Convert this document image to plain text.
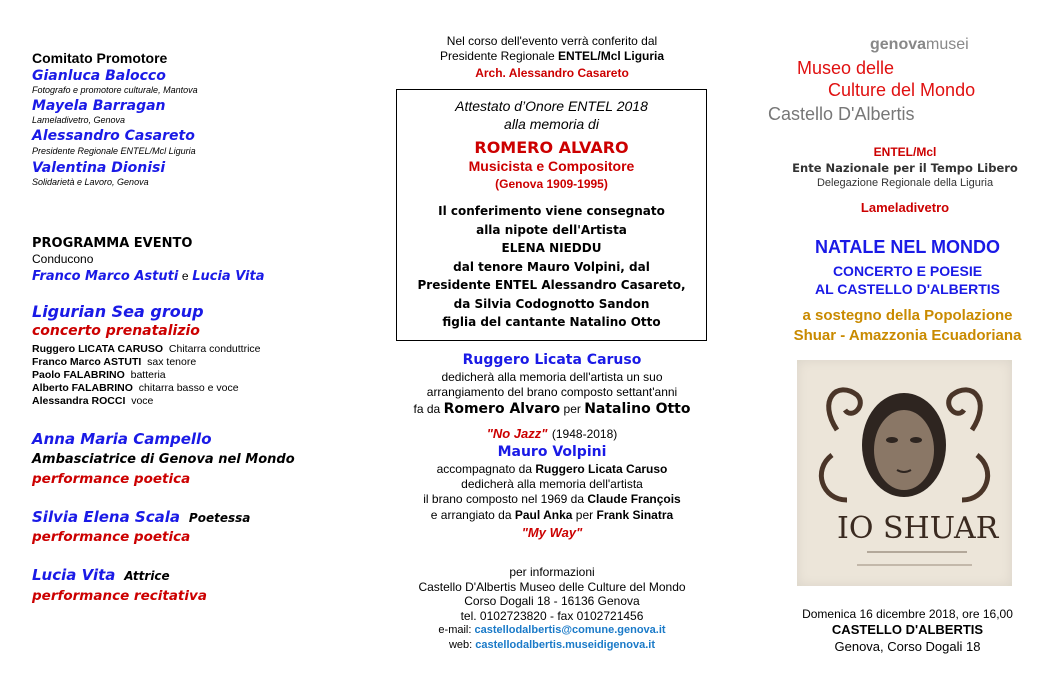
Comitato Promotore
Gianluca Balocco
Fotografo e promotore culturale, Mantova
Mayela Barragan
Lameladivetro, Genova
Alessandro Casareto
Presidente Regionale ENTEL/Mcl Liguria
Valentina Dionisi
Solidarietà e Lavoro, Genova
PROGRAMMA EVENTO
Conducono
Franco Marco Astuti e Lucia Vita
Ligurian Sea group
concerto prenatalizio
Ruggero LICATA CARUSO Chitarra conduttrice
Franco Marco ASTUTI sax tenore
Paolo FALABRINO batteria
Alberto FALABRINO chitarra basso e voce
Alessandra ROCCI voce
Anna Maria Campello
Ambasciatrice di Genova nel Mondo
performance poetica
Silvia Elena Scala Poetessa
performance poetica
Lucia Vita Attrice
performance recitativa
Nel corso dell'evento verrà conferito dal
Presidente Regionale ENTEL/Mcl Liguria
Arch. Alessandro Casareto
Attestato d’Onore ENTEL 2018
alla memoria di
ROMERO ALVARO
Musicista e Compositore
(Genova 1909-1995)
Il conferimento viene consegnato
alla nipote dell'Artista
ELENA NIEDDU
dal tenore Mauro Volpini, dal
Presidente ENTEL Alessandro Casareto,
da Silvia Codognotto Sandon
figlia del cantante Natalino Otto
Ruggero Licata Caruso
dedicherà alla memoria dell'artista un suo
arrangiamento del brano composto settant'anni
fa da Romero Alvaro per Natalino Otto
"No Jazz" (1948-2018)
Mauro Volpini
accompagnato da Ruggero Licata Caruso
dedicherà alla memoria dell'artista
il brano composto nel 1969 da Claude François
e arrangiato da Paul Anka per Frank Sinatra
"My Way"
per informazioni
Castello D'Albertis Museo delle Culture del Mondo
Corso Dogali 18 - 16136 Genova
tel. 0102723820 - fax 0102721456
e-mail: castellodalbertis@comune.genova.it
web: castellodalbertis.museidigenova.it
genovamusei
Museo delle
Culture del Mondo
Castello D'Albertis
ENTEL/Mcl
Ente Nazionale per il Tempo Libero
Delegazione Regionale della Liguria
Lameladivetro
NATALE NEL MONDO
CONCERTO E POESIE
AL CASTELLO D'ALBERTIS
a sostegno della Popolazione
Shuar - Amazzonia Ecuadoriana
IO SHUAR
Domenica 16 dicembre 2018, ore 16,00
CASTELLO D'ALBERTIS
Genova, Corso Dogali 18
